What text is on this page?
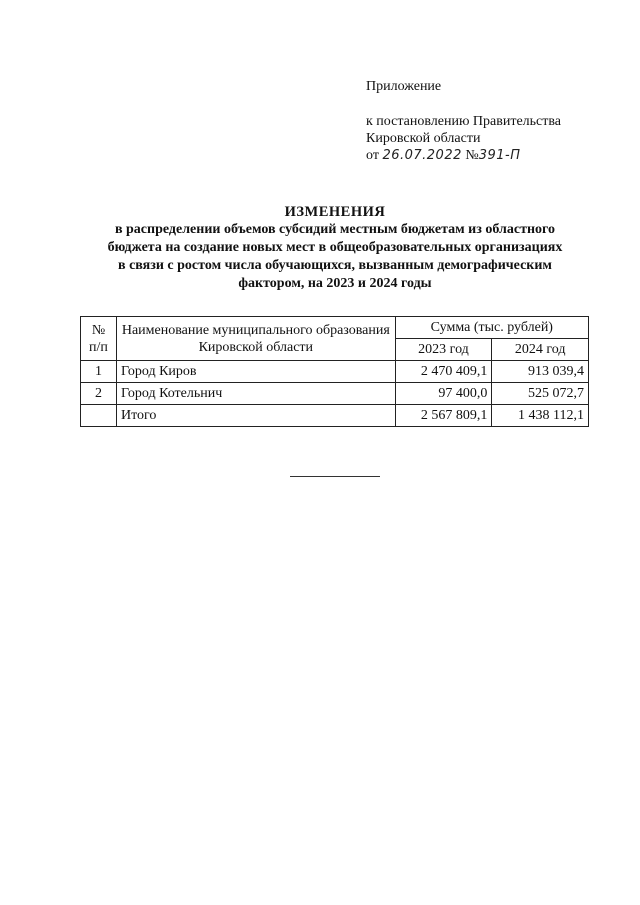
Приложение
к постановлению Правительства
Кировской области
от 26.07.2022 №391-П
ИЗМЕНЕНИЯ
в распределении объемов субсидий местным бюджетам из областного
бюджета на создание новых мест в общеобразовательных организациях
в связи с ростом числа обучающихся, вызванным демографическим
фактором, на 2023 и 2024 годы
№ п/п	Наименование муниципального образования Кировской области	Сумма (тыс. рублей)	
		2023 год	2024 год
1	Город Киров	2 470 409,1	913 039,4
2	Город Котельнич	97 400,0	525 072,7
	Итого	2 567 809,1	1 438 112,1
